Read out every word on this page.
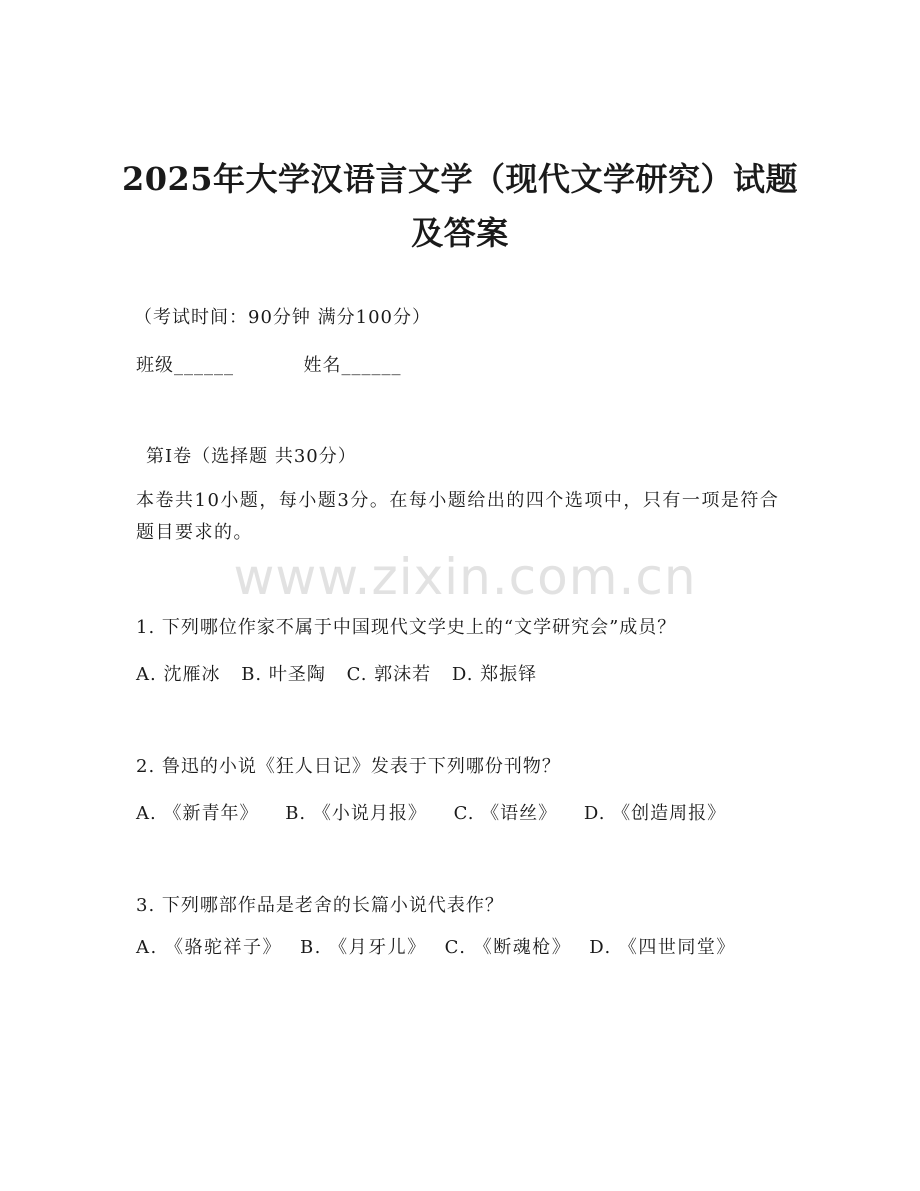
2025年大学汉语言文学（现代文学研究）试题及答案
（考试时间：90分钟 满分100分）
班级______	姓名______
第I卷（选择题 共30分）
本卷共10小题，每小题3分。在每小题给出的四个选项中，只有一项是符合题目要求的。
www.zixin.com.cn
1. 下列哪位作家不属于中国现代文学史上的“文学研究会”成员？
A. 沈雁冰 B. 叶圣陶 C. 郭沫若 D. 郑振铎
2. 鲁迅的小说《狂人日记》发表于下列哪份刊物？
A. 《新青年》 B. 《小说月报》 C. 《语丝》 D. 《创造周报》
3. 下列哪部作品是老舍的长篇小说代表作？
A. 《骆驼祥子》 B. 《月牙儿》 C. 《断魂枪》 D. 《四世同堂》
